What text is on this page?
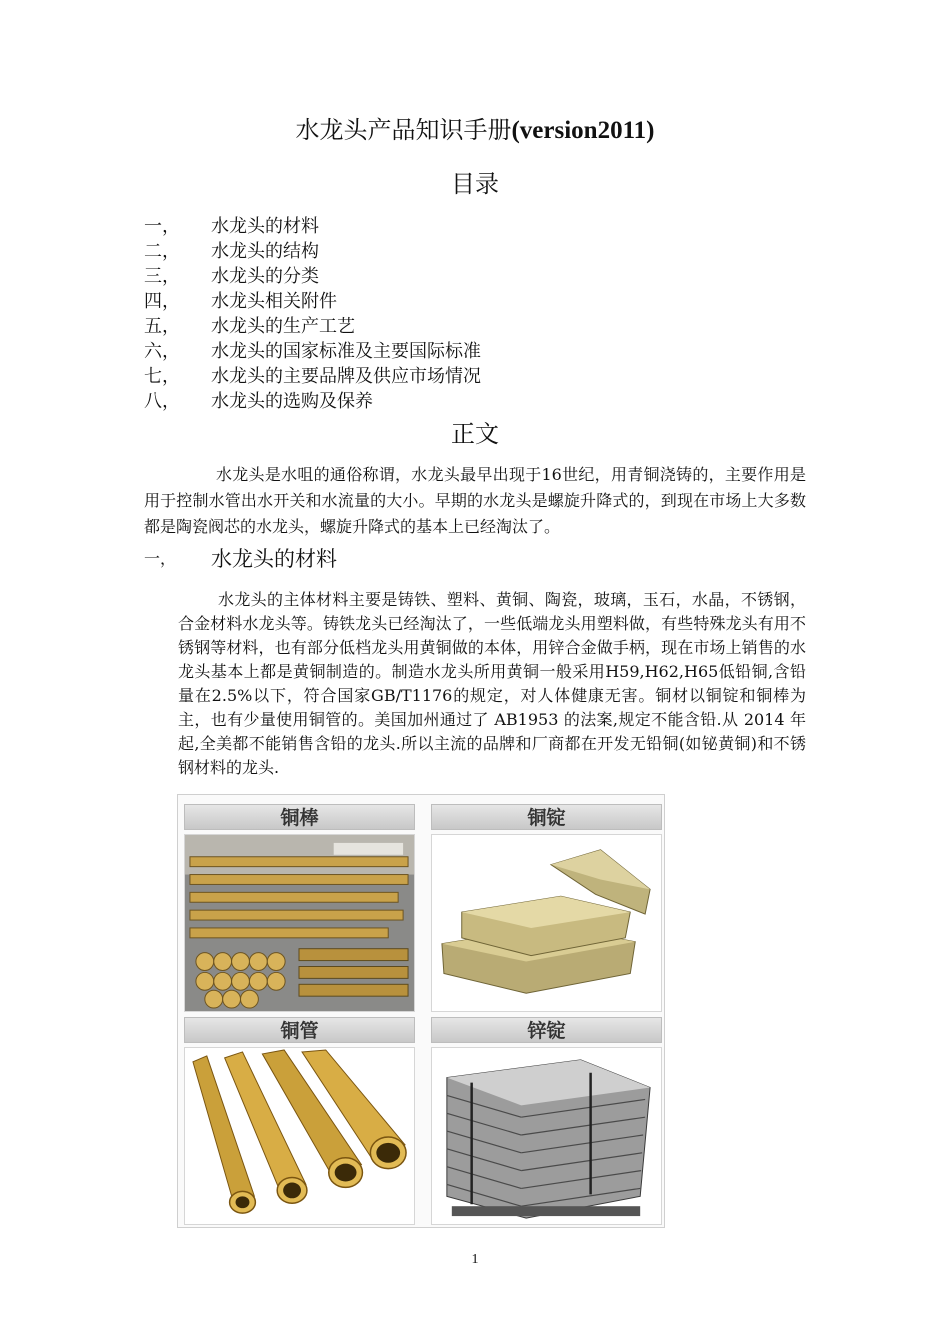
水龙头产品知识手册(version2011)
目录
一，	水龙头的材料
二，	水龙头的结构
三，	水龙头的分类
四，	水龙头相关附件
五，	水龙头的生产工艺
六，	水龙头的国家标准及主要国际标准
七，	水龙头的主要品牌及供应市场情况
八，	水龙头的选购及保养
正文

水龙头是水咀的通俗称谓，水龙头最早出现于16世纪，用青铜浇铸的，主要作用是用于控制水管出水开关和水流量的大小。早期的水龙头是螺旋升降式的，到现在市场上大多数都是陶瓷阀芯的水龙头，螺旋升降式的基本上已经淘汰了。

一，	水龙头的材料

水龙头的主体材料主要是铸铁、塑料、黄铜、陶瓷，玻璃，玉石，水晶，不锈钢，合金材料水龙头等。铸铁龙头已经淘汰了，一些低端龙头用塑料做，有些特殊龙头有用不锈钢等材料，也有部分低档龙头用黄铜做的本体，用锌合金做手柄，现在市场上销售的水龙头基本上都是黄铜制造的。制造水龙头所用黄铜一般采用H59,H62,H65低铅铜,含铅量在2.5%以下，符合国家GB/T1176的规定，对人体健康无害。铜材以铜锭和铜棒为主，也有少量使用铜管的。美国加州通过了 AB1953 的法案,规定不能含铅.从 2014 年起,全美都不能销售含铅的龙头.所以主流的品牌和厂商都在开发无铅铜(如铋黄铜)和不锈钢材料的龙头.

铜棒	铜锭
铜管	锌锭
1
